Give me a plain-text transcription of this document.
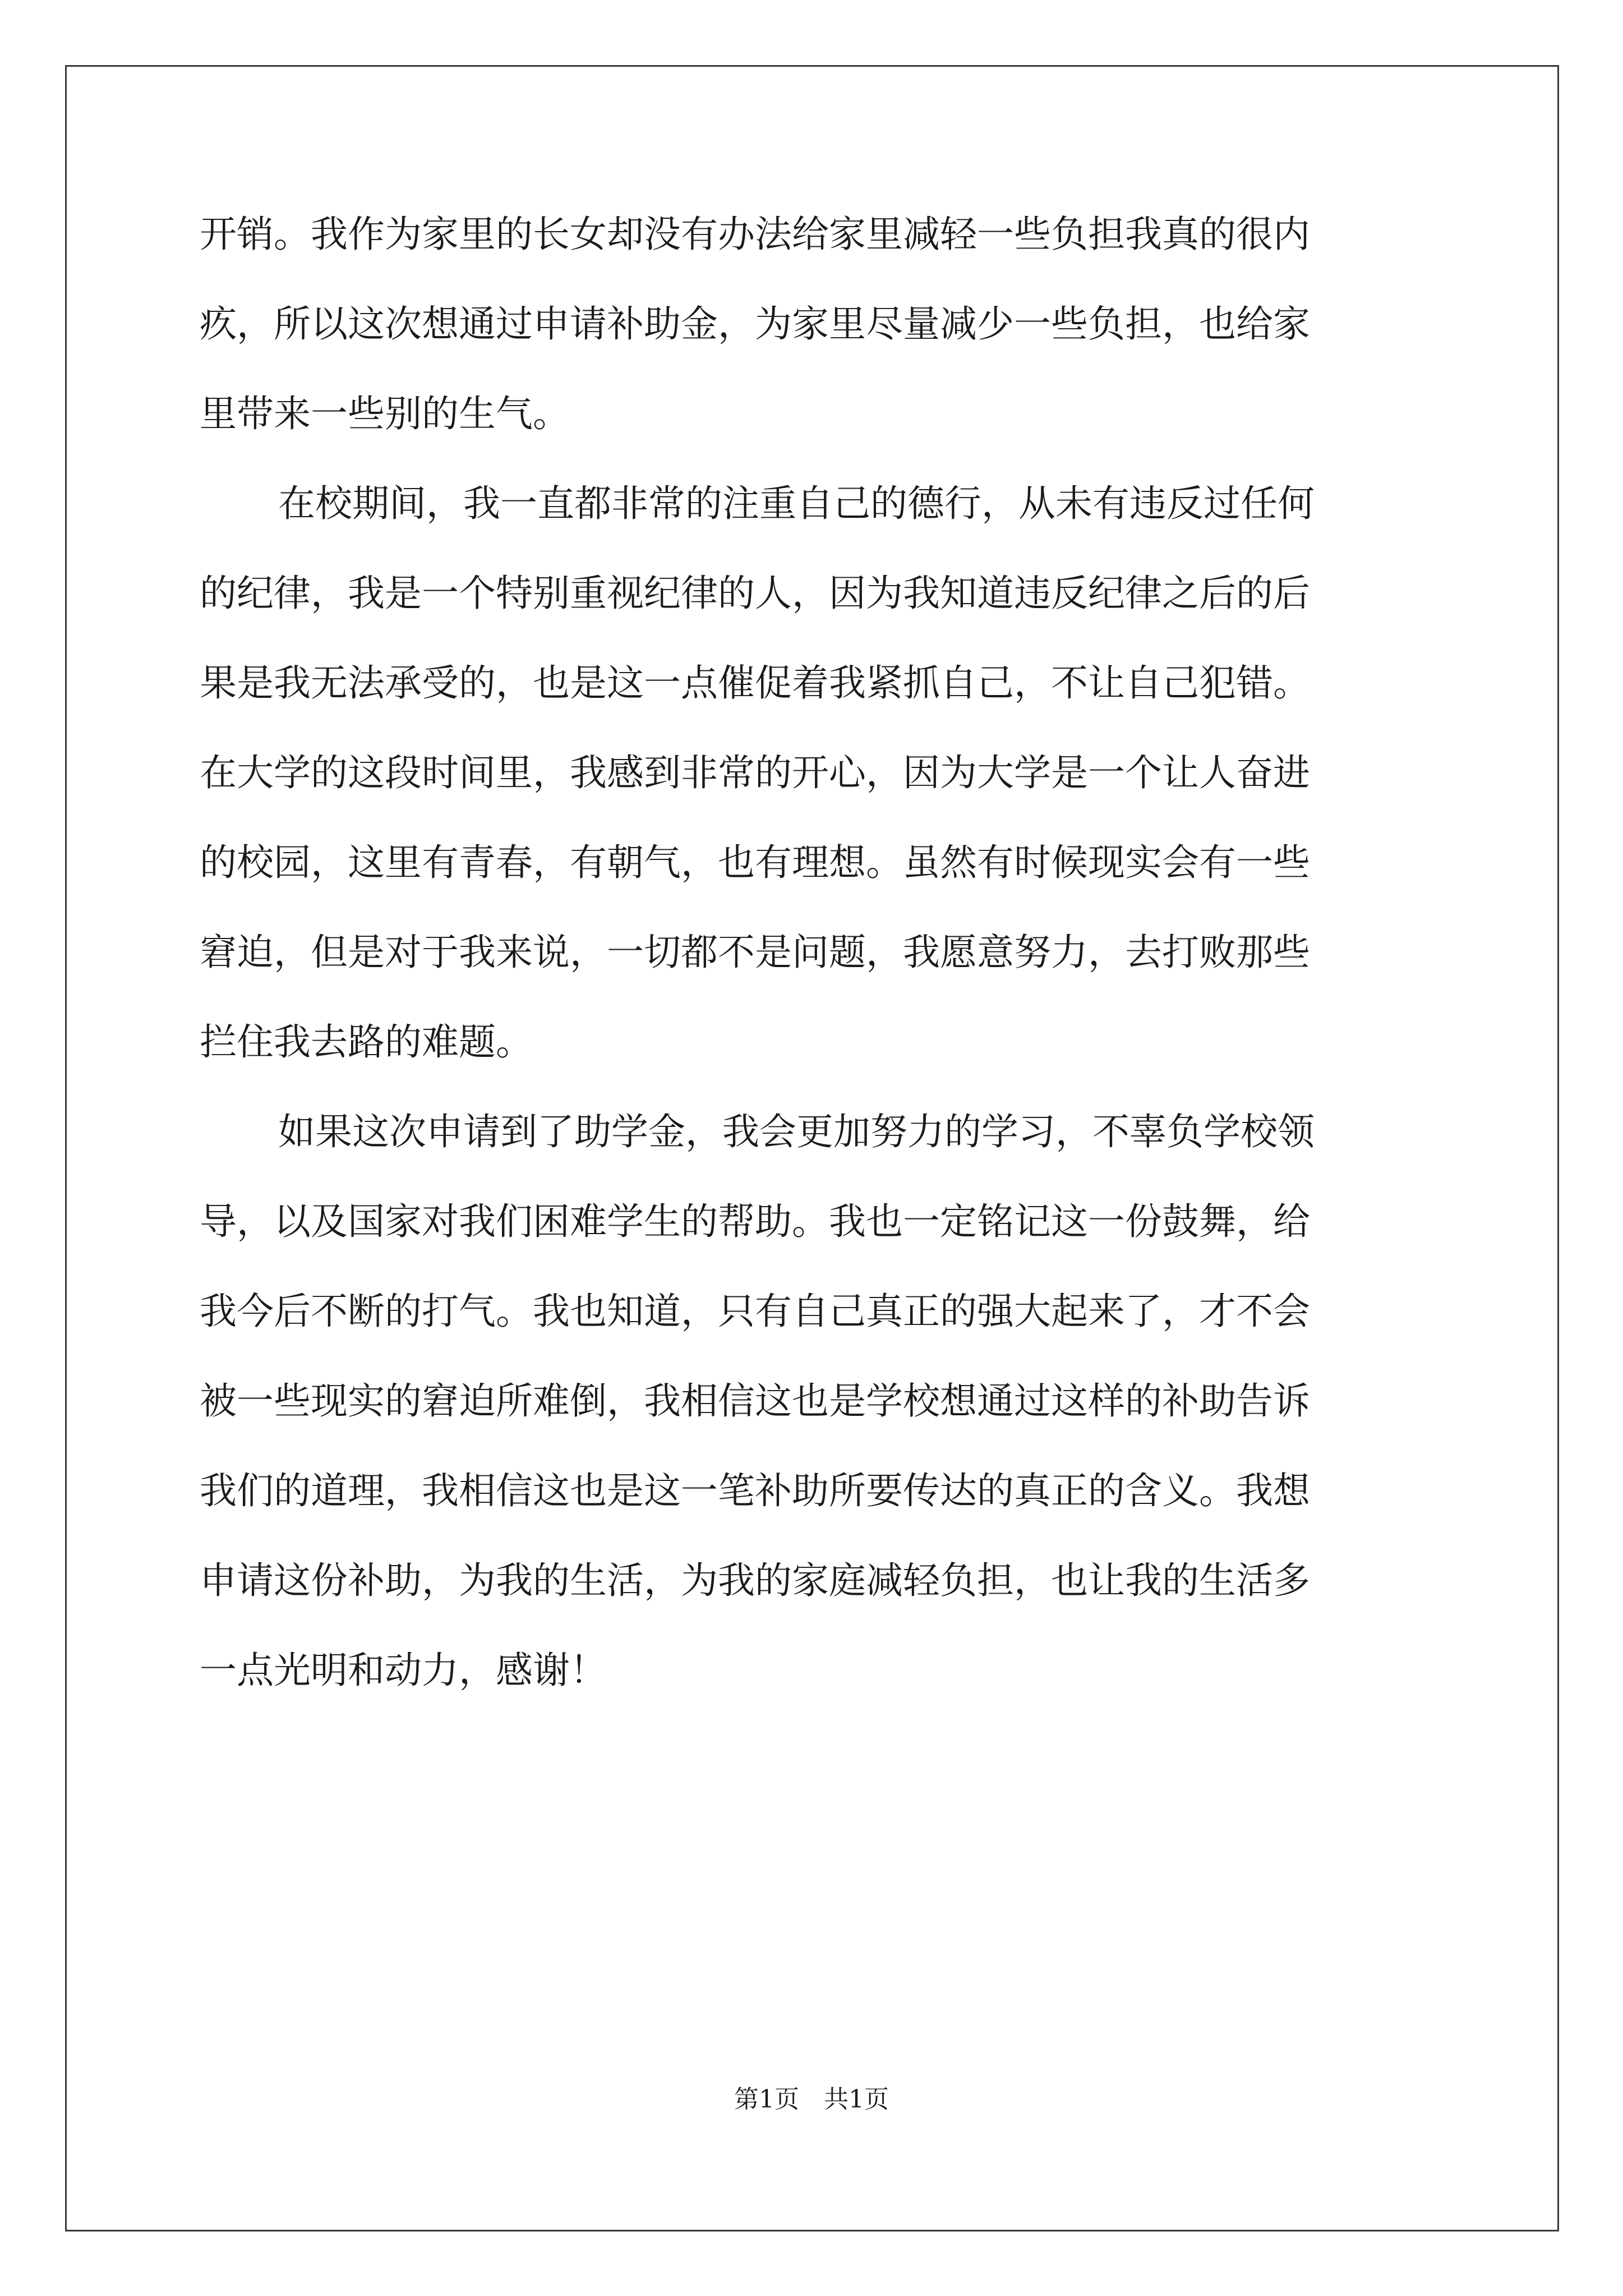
开销。我作为家里的长女却没有办法给家里减轻一些负担我真的很内

疚，所以这次想通过申请补助金，为家里尽量减少一些负担，也给家

里带来一些别的生气。

在校期间，我一直都非常的注重自己的德行，从未有违反过任何

的纪律，我是一个特别重视纪律的人，因为我知道违反纪律之后的后

果是我无法承受的，也是这一点催促着我紧抓自己，不让自己犯错。

在大学的这段时间里，我感到非常的开心，因为大学是一个让人奋进

的校园，这里有青春，有朝气，也有理想。虽然有时候现实会有一些

窘迫，但是对于我来说，一切都不是问题，我愿意努力，去打败那些

拦住我去路的难题。

如果这次申请到了助学金，我会更加努力的学习，不辜负学校领

导，以及国家对我们困难学生的帮助。我也一定铭记这一份鼓舞，给

我今后不断的打气。我也知道，只有自己真正的强大起来了，才不会

被一些现实的窘迫所难倒，我相信这也是学校想通过这样的补助告诉

我们的道理，我相信这也是这一笔补助所要传达的真正的含义。我想

申请这份补助，为我的生活，为我的家庭减轻负担，也让我的生活多

一点光明和动力，感谢！

第1页　共1页
